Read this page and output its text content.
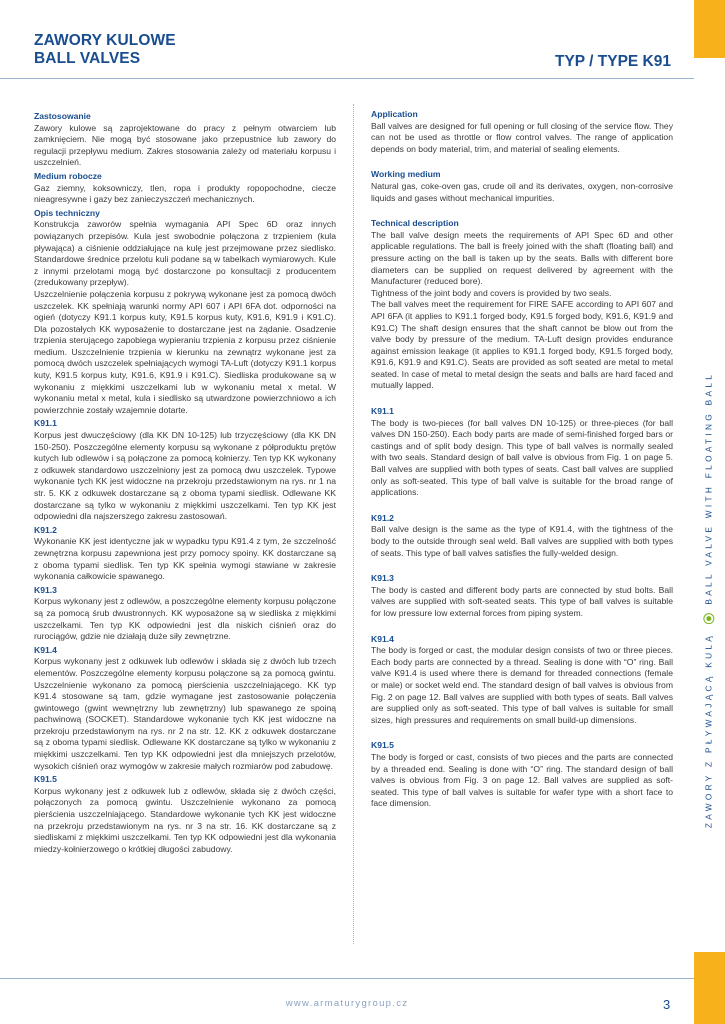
ZAWORY KULOWE
BALL VALVES	TYP / TYPE K91
Zastosowanie
Zawory kulowe są zaprojektowane do pracy z pełnym otwarciem lub zamknięciem. Nie mogą być stosowane jako przepustnice lub zawory do regulacji przepływu medium. Zakres stosowania zależy od materiału korpusu i uszczelnień.
Medium robocze
Gaz ziemny, koksowniczy, tlen, ropa i produkty ropopochodne, ciecze nieagresywne i gazy bez zanieczyszczeń mechanicznych.
Opis techniczny
Konstrukcja zaworów spełnia wymagania API Spec 6D oraz innych powiązanych przepisów. Kula jest swobodnie połączona z trzpieniem (kula pływająca) a ciśnienie oddziałujące na kulę jest przejmowane przez siedlisko. Standardowe średnice przelotu kuli podane są w tabelkach wymiarowych. Kule z innymi przelotami mogą być dostarczone po konsultacji z producentem (zredukowany przepływ).
Uszczelnienie połączenia korpusu z pokrywą wykonane jest za pomocą dwóch uszczelek. KK spełniają warunki normy API 607 i API 6FA dot. odporności na ogień (dotyczy K91.1 korpus kuty, K91.5 korpus kuty, K91.6, K91.9 i K91.C). Dla pozostałych KK wyposażenie to dostarczane jest na żądanie. Osadzenie trzpienia sterującego zapobiega wypieraniu trzpienia z korpusu przez ciśnienie medium. Uszczelnienie trzpienia w kierunku na zewnątrz wykonane jest za pomocą dwóch uszczelek spełniających wymogi TA-Luft (dotyczy K91.1 korpus kuty, K91.5 korpus kuty, K91.6, K91.9 i K91.C). Siedliska produkowane są w wykonaniu z miękkimi uszczelkami lub w wykonaniu metal x metal. W wykonaniu metal x metal, kula i siedlisko są utwardzone powierzchniowo a ich powierzchnie zostały wzajemnie dotarte.
K91.1
Korpus jest dwuczęściowy (dla KK DN 10-125) lub trzyczęściowy (dla KK DN 150-250). Poszczególne elementy korpusu są wykonane z półproduktu prętów kutych lub odlewów i są połączone za pomocą kołnierzy. Ten typ KK wykonany z odkuwek standardowo uszczelniony jest za pomocą dwu uszczelek. Typowe wykonanie tych KK jest widoczne na przekroju przedstawionym na rys. nr 1 na str. 5. KK z odkuwek dostarczane są z oboma typami siedlisk. Odlewane KK dostarczane są tylko w wykonaniu z miękkimi uszczelkami. Ten typ KK jest odpowiedni dla najszerszego zakresu zastosowań.
K91.2
Wykonanie KK jest identyczne jak w wypadku typu K91.4 z tym, że szczelność zewnętrzna korpusu zapewniona jest przy pomocy spoiny. KK dostarczane są z oboma typami siedlisk. Ten typ KK spełnia wymogi stawiane w zakresie wykonania całkowicie spawanego.
K91.3
Korpus wykonany jest z odlewów, a poszczególne elementy korpusu połączone są za pomocą śrub dwustronnych. KK wyposażone są w siedliska z miękkimi uszczelkami. Ten typ KK odpowiedni jest dla niskich ciśnień oraz do rurociągów, gdzie nie działają duże siły zewnętrzne.
K91.4
Korpus wykonany jest z odkuwek lub odlewów i składa się z dwóch lub trzech elementów. Poszczególne elementy korpusu połączone są za pomocą gwintu. Uszczelnienie wykonano za pomocą pierścienia uszczelniającego. KK typ K91.4 stosowane są tam, gdzie wymagane jest zastosowanie połączenia gwintowego (gwint wewnętrzny lub zewnętrzny) lub spawanego ze spoiną pachwinową (SOCKET). Standardowe wykonanie tych KK jest widoczne na przekroju przedstawionym na rys. nr 2 na str. 12. KK z odkuwek dostarczane są z oboma typami siedlisk. Odlewane KK dostarczane są tylko w wykonaniu z miękkimi uszczelkami. Ten typ KK odpowiedni jest dla mniejszych przelotów, wysokich ciśnień oraz wymogów w zakresie małych rozmiarów pod zabudowę.
K91.5
Korpus wykonany jest z odkuwek lub z odlewów, składa się z dwóch części, połączonych za pomocą gwintu. Uszczelnienie wykonano za pomocą pierścienia uszczelniającego. Standardowe wykonanie tych KK jest widoczne na przekroju przedstawionym na rys. nr 3 na str. 16. KK dostarczane są z siedliskami z miękkimi uszczelkami. Ten typ KK odpowiedni jest dla wykonania miedzy-kołnierzowego o krótkiej długości zabudowy.
Application
Ball valves are designed for full opening or full closing of the service flow. They can not be used as throttle or flow control valves. The range of application depends on body material, trim, and material of sealing elements.
Working medium
Natural gas, coke-oven gas, crude oil and its derivates, oxygen, non-corrosive liquids and gases without mechanical impurities.
Technical description
The ball valve design meets the requirements of API Spec 6D and other applicable regulations. The ball is freely joined with the shaft (floating ball) and pressure acting on the ball is taken up by the seats. Balls with different bore diameters can be supplied on request delivered by agreement with the Manufacturer (reduced bore).
Tightness of the joint body and covers is provided by two seals.
The ball valves meet the requirement for FIRE SAFE according to API 607 and API 6FA (it applies to K91.1 forged body, K91.5 forged body, K91.6, K91.9 and K91.C) The shaft design ensures that the shaft cannot be blow out from the valve body by pressure of the medium. TA-Luft design provides endurance against emission leakage (it applies to K91.1 forged body, K91.5 forged body, K91.6, K91.9 and K91.C). Seats are provided as soft seated are metal to metal seated. In case of metal to metal design the seats and balls are hard faced and mutually lapped.
K91.1
The body is two-pieces (for ball valves DN 10-125) or three-pieces (for ball valves DN 150-250). Each body parts are made of semi-finished forged bars or castings and of split body design. This type of ball valves is normally sealed with two seals. Standard design of ball valve is obvious from Fig. 1 on page 5. Ball valves are supplied with both types of seats. Cast ball valves are supplied only as soft-seated. This type of ball valve is suitable for the broad range of applications.
K91.2
Ball valve design is the same as the type of K91.4, with the tightness of the body to the outside through seal weld. Ball valves are supplied with both types of seats. This type of ball valves satisfies the fully-welded design.
K91.3
The body is casted and different body parts are connected by stud bolts. Ball valves are supplied with soft-seated seats. This type of ball valves is suitable for low pressure low external forces from piping system.
K91.4
The body is forged or cast, the modular design consists of two or three pieces. Each body parts are connected by a thread. Sealing is done with “O” ring. Ball valve K91.4 is used where there is demand for threaded connections (female or male) or socket weld end. The standard design of ball valves is obvious from Fig. 2 on page 12. Ball valves are supplied with both types of seats. Ball valves are supplied only as soft-seated. This type of ball valves is suitable for small sizes, high pressures and requirements on small build-up dimensions.
K91.5
The body is forged or cast, consists of two pieces and the parts are connected by a threaded end. Sealing is done with “O” ring. The standard design of ball valves is obvious from Fig. 3 on page 12. Ball valves are supplied as soft-seated. This type of ball valves is suitable for wafer type with a short face to face dimension.	ZAWORY Z PŁYWAJĄCĄ KULĄ  BALL VALVE WITH FLOATING BALL
www.armaturygroup.cz	3
